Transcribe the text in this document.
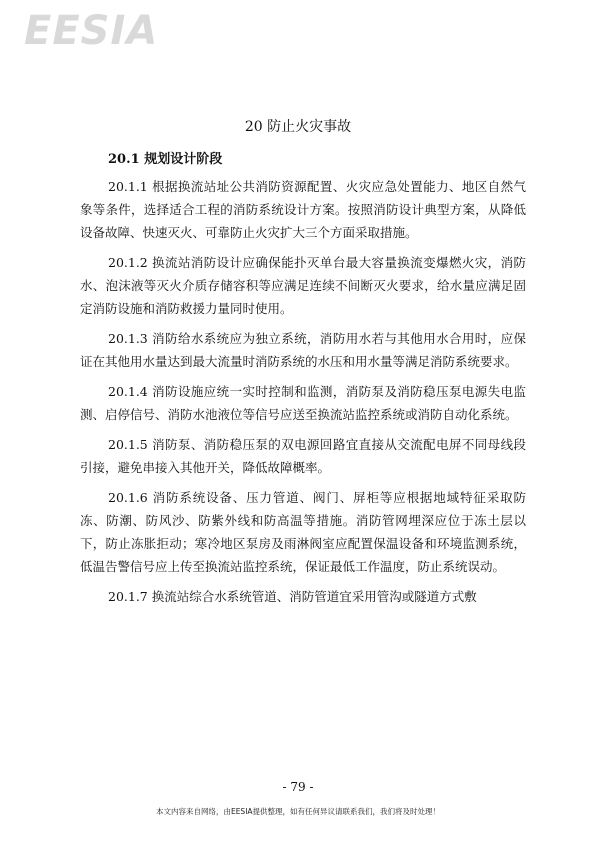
EESIA
20 防止火灾事故
20.1 规划设计阶段

20.1.1 根据换流站址公共消防资源配置、火灾应急处置能力、地区自然气象等条件，选择适合工程的消防系统设计方案。按照消防设计典型方案，从降低设备故障、快速灭火、可靠防止火灾扩大三个方面采取措施。

20.1.2 换流站消防设计应确保能扑灭单台最大容量换流变爆燃火灾，消防水、泡沫液等灭火介质存储容积等应满足连续不间断灭火要求，给水量应满足固定消防设施和消防救援力量同时使用。

20.1.3 消防给水系统应为独立系统，消防用水若与其他用水合用时，应保证在其他用水量达到最大流量时消防系统的水压和用水量等满足消防系统要求。

20.1.4 消防设施应统一实时控制和监测，消防泵及消防稳压泵电源失电监测、启停信号、消防水池液位等信号应送至换流站监控系统或消防自动化系统。

20.1.5 消防泵、消防稳压泵的双电源回路宜直接从交流配电屏不同母线段引接，避免串接入其他开关，降低故障概率。

20.1.6 消防系统设备、压力管道、阀门、屏柜等应根据地域特征采取防冻、防潮、防风沙、防紫外线和防高温等措施。消防管网埋深应位于冻土层以下，防止冻胀拒动；寒冷地区泵房及雨淋阀室应配置保温设备和环境监测系统，低温告警信号应上传至换流站监控系统，保证最低工作温度，防止系统误动。

20.1.7 换流站综合水系统管道、消防管道宜采用管沟或隧道方式敷

- 79 -
本文内容来自网络，由EESIA提供整理，如有任何异议请联系我们，我们将及时处理！
